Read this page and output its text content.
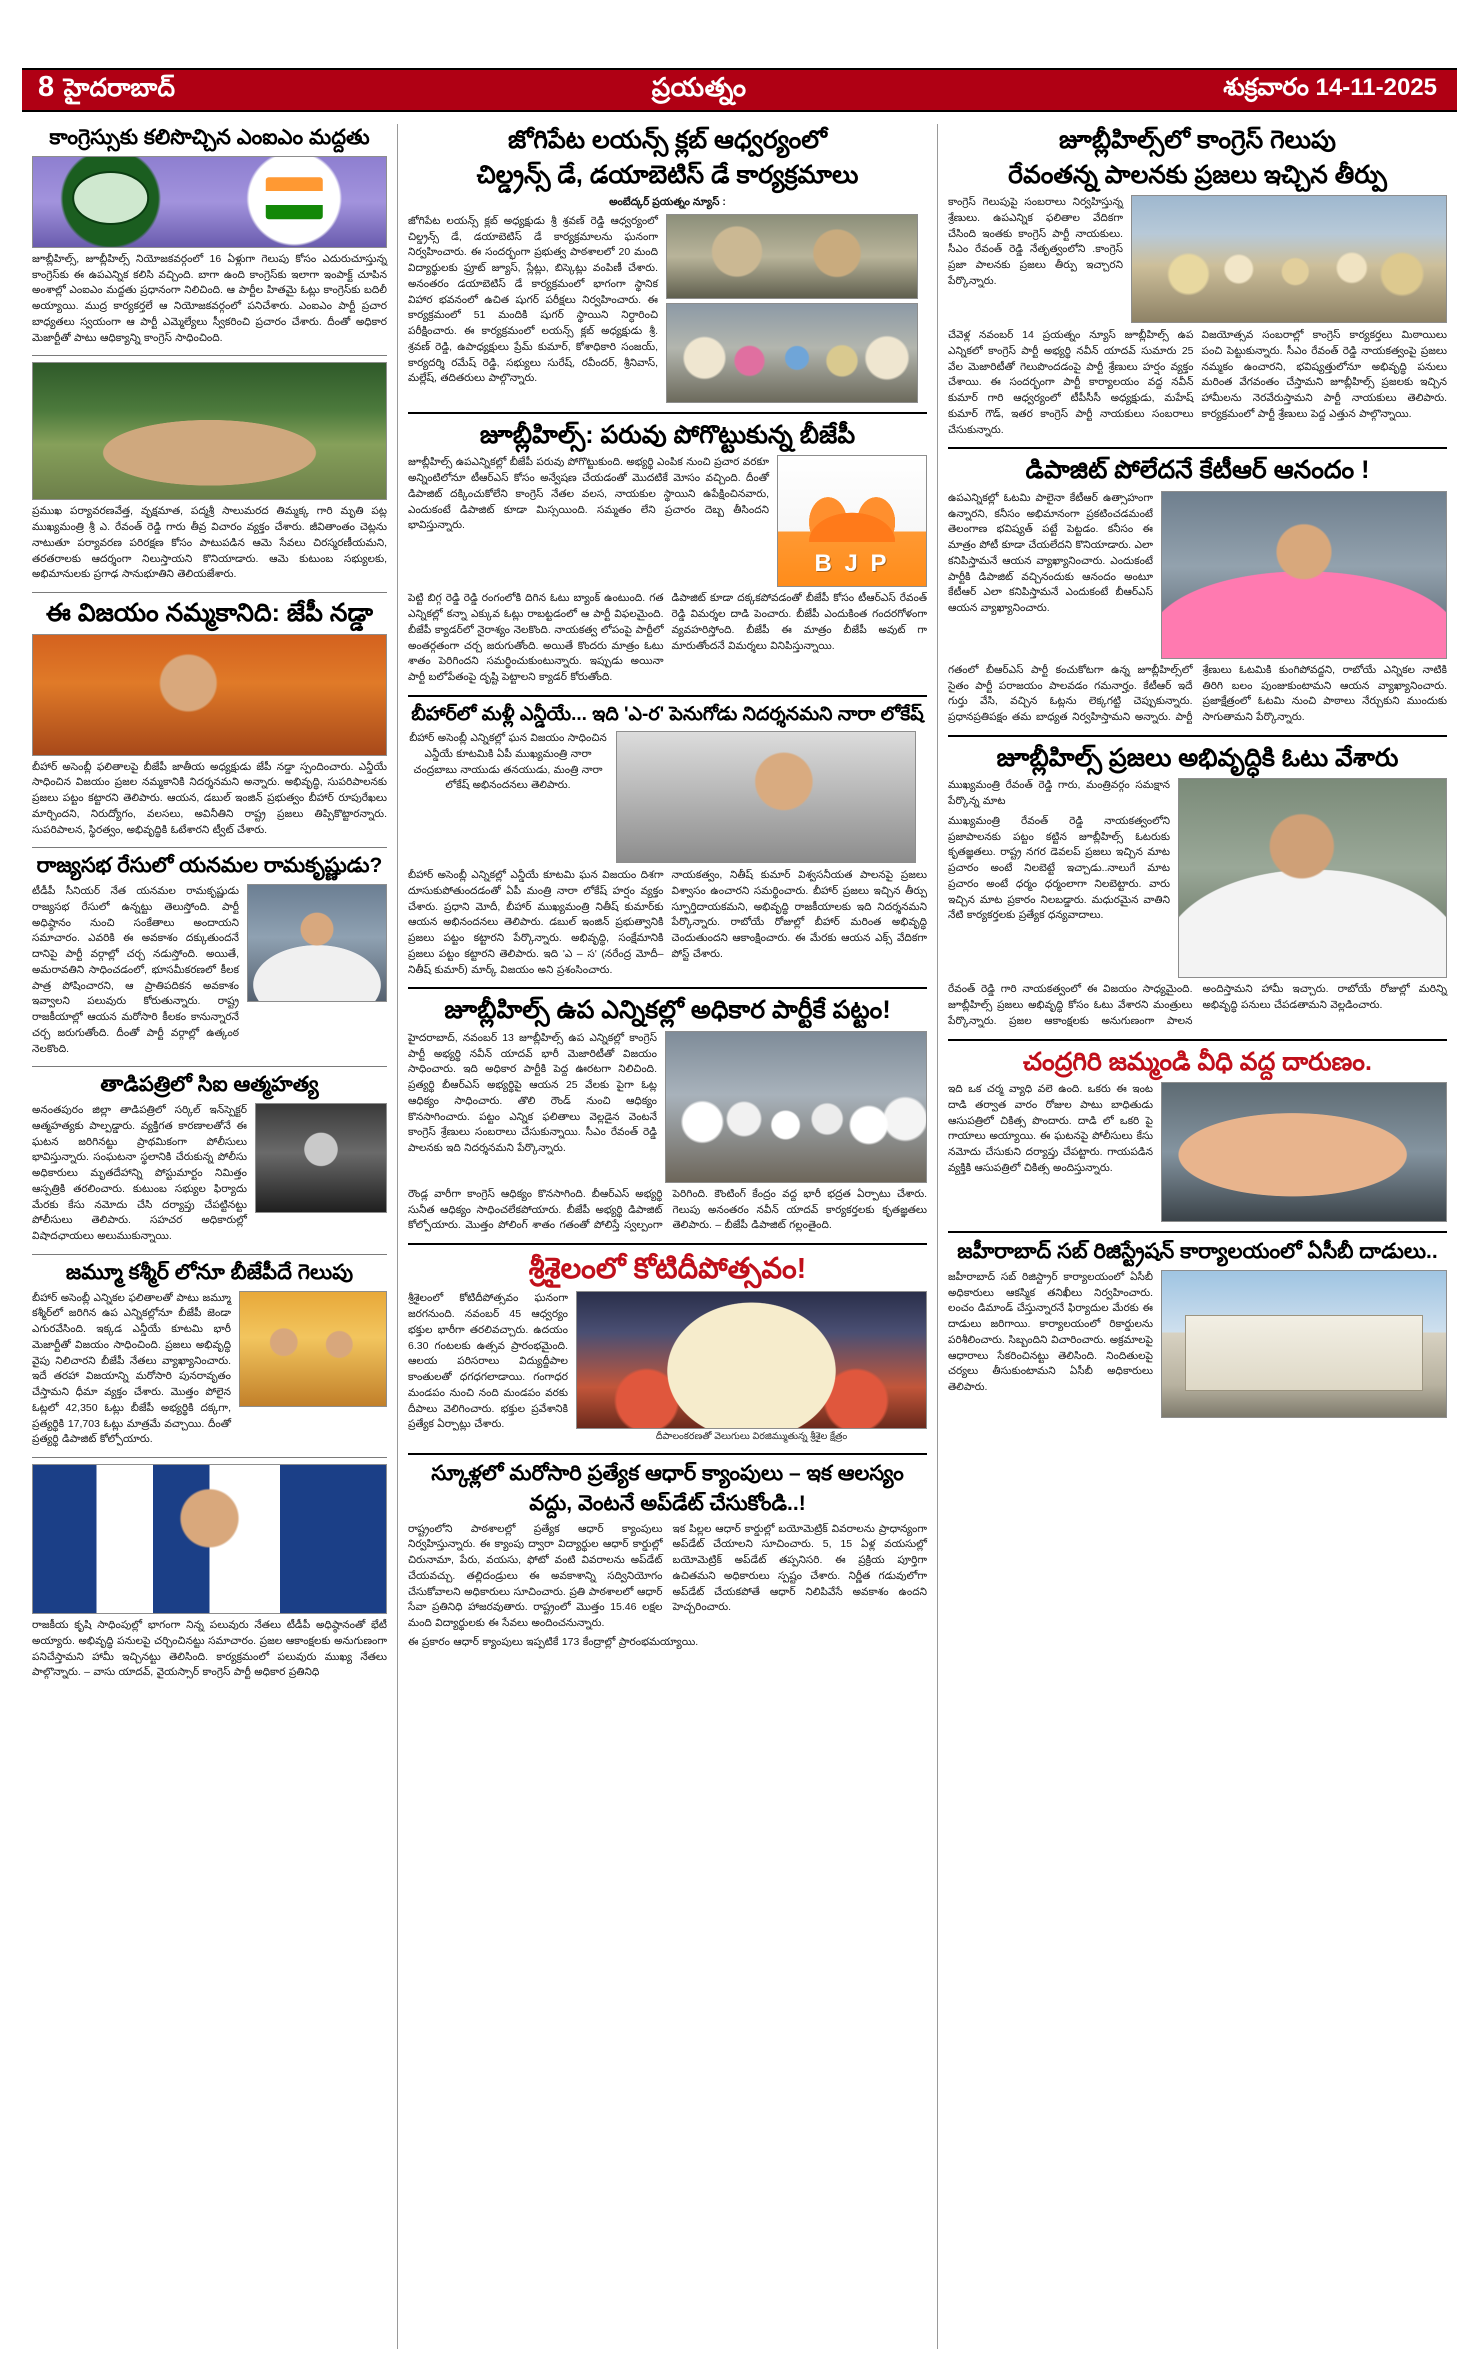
8 హైదరాబాద్	ప్రయత్నం	శుక్రవారం 14-11-2025
కాంగ్రెస్సుకు కలిసొచ్చిన ఎంఐఎం మద్దతు
జూబ్లీహిల్స్, జూబ్లీహిల్స్ నియోజకవర్గంలో 16 ఏళ్లుగా గెలుపు కోసం ఎదురుచూస్తున్న కాంగ్రెస్‌కు ఈ ఉపఎన్నిక కలిసి వచ్చింది. బాగా ఉంది కాంగ్రెస్‌కు ఇలాగా ఇంపాక్ట్ చూపిన అంశాల్లో ఎంఐఎం మద్దతు ప్రధానంగా నిలిచింది. ఆ పార్టీల హితమై ఓట్లు కాంగ్రెస్‌కు బదిలీ అయ్యాయి. ముద్ర కార్యకర్తలే ఆ నియోజకవర్గంలో పనిచేశారు. ఎంఐఎం పార్టీ ప్రచార బాధ్యతలు స్వయంగా ఆ పార్టీ ఎమ్మెల్యేలు స్వీకరించి ప్రచారం చేశారు. దీంతో అధికార మెజార్టీతో పాటు ఆధిక్యాన్ని కాంగ్రెస్ సాధించింది.
ప్రముఖ పర్యావరణవేత్త, వృక్షమాత, పద్మశ్రీ సాలుమరద తిమ్మక్క గారి మృతి పట్ల ముఖ్యమంత్రి శ్రీ ఎ. రేవంత్ రెడ్డి గారు తీవ్ర విచారం వ్యక్తం చేశారు. జీవితాంతం చెట్లను నాటుతూ పర్యావరణ పరిరక్షణ కోసం పాటుపడిన ఆమె సేవలు చిరస్మరణీయమని, తరతరాలకు ఆదర్శంగా నిలుస్తాయని కొనియాడారు. ఆమె కుటుంబ సభ్యులకు, అభిమానులకు ప్రగాఢ సానుభూతిని తెలియజేశారు.
ఈ విజయం నమ్మకానిది: జేపీ నడ్డా
బీహార్ అసెంబ్లీ ఫలితాలపై బీజేపీ జాతీయ అధ్యక్షుడు జేపీ నడ్డా స్పందించారు. ఎన్డీయే సాధించిన విజయం ప్రజల నమ్మకానికి నిదర్శనమని అన్నారు. అభివృద్ధి, సుపరిపాలనకు ప్రజలు పట్టం కట్టారని తెలిపారు. ఆయన, డబుల్ ఇంజిన్ ప్రభుత్వం బీహార్ రూపురేఖలు మార్చిందని, నిరుద్యోగం, వలసలు, అవినీతిని రాష్ట్ర ప్రజలు తిప్పికొట్టారన్నారు. సుపరిపాలన, స్థిరత్వం, అభివృద్ధికి ఓటేశారని ట్వీట్ చేశారు.
రాజ్యసభ రేసులో యనమల రామకృష్ణుడు?
టీడీపీ సీనియర్ నేత యనమల రామకృష్ణుడు రాజ్యసభ రేసులో ఉన్నట్టు తెలుస్తోంది. పార్టీ అధిష్ఠానం నుంచి సంకేతాలు అందాయని సమాచారం. ఎవరికి ఈ అవకాశం దక్కుతుందనే దానిపై పార్టీ వర్గాల్లో చర్చ నడుస్తోంది. అయితే, అమరావతిని సాధించడంలో, భూసమీకరణలో కీలక పాత్ర పోషించారని, ఆ ప్రాతిపదికన అవకాశం ఇవ్వాలని పలువురు కోరుతున్నారు. రాష్ట్ర రాజకీయాల్లో ఆయన మరోసారి కీలకం కానున్నారనే చర్చ జరుగుతోంది. దీంతో పార్టీ వర్గాల్లో ఉత్కంఠ నెలకొంది.
తాడిపత్రిలో సిఐ ఆత్మహత్య
అనంతపురం జిల్లా తాడిపత్రిలో సర్కిల్ ఇన్‌స్పెక్టర్ ఆత్మహత్యకు పాల్పడ్డారు. వ్యక్తిగత కారణాలతోనే ఈ ఘటన జరిగినట్టు ప్రాథమికంగా పోలీసులు భావిస్తున్నారు. సంఘటనా స్థలానికి చేరుకున్న పోలీసు అధికారులు మృతదేహాన్ని పోస్టుమార్టం నిమిత్తం ఆస్పత్రికి తరలించారు. కుటుంబ సభ్యుల ఫిర్యాదు మేరకు కేసు నమోదు చేసి దర్యాప్తు చేపట్టినట్టు పోలీసులు తెలిపారు. సహచర అధికారుల్లో విషాదఛాయలు అలుముకున్నాయి.
జమ్మూ కశ్మీర్ లోనూ బీజేపీదే గెలుపు
బీహార్ అసెంబ్లీ ఎన్నికల ఫలితాలతో పాటు జమ్మూ కశ్మీర్‌లో జరిగిన ఉప ఎన్నికల్లోనూ బీజేపీ జెండా ఎగురవేసింది. ఇక్కడ ఎన్డీయే కూటమి భారీ మెజార్టీతో విజయం సాధించింది. ప్రజలు అభివృద్ధి వైపు నిలిచారని బీజేపీ నేతలు వ్యాఖ్యానించారు. ఇదే తరహా విజయాన్ని మరోసారి పునరావృతం చేస్తామని ధీమా వ్యక్తం చేశారు. మొత్తం పోలైన ఓట్లలో 42,350 ఓట్లు బీజేపీ అభ్యర్థికి దక్కగా, ప్రత్యర్థికి 17,703 ఓట్లు మాత్రమే వచ్చాయి. దీంతో ప్రత్యర్థి డిపాజిట్ కోల్పోయారు.
రాజకీయ కృషి సాధింపుల్లో భాగంగా నిన్న పలువురు నేతలు టీడీపీ అధిష్ఠానంతో భేటీ అయ్యారు. అభివృద్ధి పనులపై చర్చించినట్టు సమాచారం. ప్రజల ఆకాంక్షలకు అనుగుణంగా పనిచేస్తామని హామీ ఇచ్చినట్టు తెలిసింది. కార్యక్రమంలో పలువురు ముఖ్య నేతలు పాల్గొన్నారు. – వాసు యాదవ్, వైయస్సార్ కాంగ్రెస్ పార్టీ అధికార ప్రతినిధి
జోగిపేట లయన్స్ క్లబ్ ఆధ్వర్యంలో
చిల్డ్రన్స్ డే, డయాబెటిస్ డే కార్యక్రమాలు
అంబేద్కర్ ప్రయత్నం న్యూస్ :
జోగిపేట లయన్స్ క్లబ్ అధ్యక్షుడు శ్రీ శ్రవణ్ రెడ్డి ఆధ్వర్యంలో చిల్డ్రన్స్ డే, డయాబెటిస్ డే కార్యక్రమాలను ఘనంగా నిర్వహించారు. ఈ సందర్భంగా ప్రభుత్వ పాఠశాలలో 20 మంది విద్యార్థులకు ఫ్రూట్ జ్యూస్, స్లేట్లు, బిస్కెట్లు వంపిణీ చేశారు. అనంతరం డయాబెటిస్ డే కార్యక్రమంలో భాగంగా స్థానిక విహార భవనంలో ఉచిత షుగర్ పరీక్షలు నిర్వహించారు. ఈ కార్యక్రమంలో 51 మందికి షుగర్ స్థాయిని నిర్ధారించి పరీక్షించారు. ఈ కార్యక్రమంలో లయన్స్ క్లబ్ అధ్యక్షుడు శ్రీ. శ్రవణ్ రెడ్డి, ఉపాధ్యక్షులు ప్రేమ్ కుమార్, కోశాధికారి సంజయ్, కార్యదర్శి రమేష్ రెడ్డి, సభ్యులు సురేష్, రవీందర్, శ్రీనివాస్, మల్లేష్, తదితరులు పాల్గొన్నారు.
జూబ్లీహిల్స్: పరువు పోగొట్టుకున్న బీజేపీ
జూబ్లీహిల్స్ ఉపఎన్నికల్లో బీజేపీ పరువు పోగొట్టుకుంది. అభ్యర్థి ఎంపిక నుంచి ప్రచార వరకూ అన్నింటిలోనూ టీఆర్ఎస్ కోసం అన్వేషణ చేయడంతో మొదటికే మోసం వచ్చింది. దీంతో డిపాజిట్ దక్కించుకోలేని కాంగ్రెస్ నేతల వలస, నాయకుల స్థాయిని ఉపేక్షించినవారు, ఎందుకంటే డిపాజిట్ కూడా మిస్సయింది. సమ్మతం లేని ప్రచారం దెబ్బ తీసిందని భావిస్తున్నారు.
B J P
పెట్టి బిగ్గ రెడ్డి రెడ్డి రంగంలోకి దిగిన ఓటు బ్యాంక్ ఉంటుంది. గత ఎన్నికల్లో కన్నా ఎక్కువ ఓట్లు రాబట్టడంలో ఆ పార్టీ విఫలమైంది. బీజేపీ క్యాడర్‌లో నైరాశ్యం నెలకొంది. నాయకత్వ లోపంపై పార్టీలో అంతర్గతంగా చర్చ జరుగుతోంది. అయితే కొందరు మాత్రం ఓటు శాతం పెరిగిందని సమర్థించుకుంటున్నారు. ఇప్పుడు అయినా పార్టీ బలోపేతంపై దృష్టి పెట్టాలని క్యాడర్ కోరుతోంది.
డిపాజిట్ కూడా దక్కకపోవడంతో బీజేపీ కోసం టీఆర్ఎస్ రేవంత్ రెడ్డి విమర్శల దాడి పెంచారు. బీజేపీ ఎందుకింత గందరగోళంగా వ్యవహరిస్తోంది. బీజేపీ ఈ మాత్రం బీజేపీ అవుట్ గా మారుతోందనే విమర్శలు వినిపిస్తున్నాయి.
బీహార్‌లో మళ్లీ ఎన్డీయే... ఇది 'ఎ-ర' పెనుగోడు నిదర్శనమని నారా లోకేష్
బీహార్ అసెంబ్లీ ఎన్నికల్లో ఘన విజయం సాధించిన ఎన్డీయే కూటమికి ఏపీ ముఖ్యమంత్రి నారా చంద్రబాబు నాయుడు తనయుడు, మంత్రి నారా లోకేష్ అభినందనలు తెలిపారు.
బీహార్ అసెంబ్లీ ఎన్నికల్లో ఎన్డీయే కూటమి ఘన విజయం దిశగా దూసుకుపోతుందడంతో ఏపీ మంత్రి నారా లోకేష్ హర్షం వ్యక్తం చేశారు. ప్రధాని మోదీ, బీహార్ ముఖ్యమంత్రి నితీష్ కుమార్‌కు ఆయన అభినందనలు తెలిపారు. డబుల్ ఇంజిన్ ప్రభుత్వానికి ప్రజలు పట్టం కట్టారని పేర్కొన్నారు. అభివృద్ధి, సంక్షేమానికి ప్రజలు పట్టం కట్టారని తెలిపారు. ఇది 'ఎ – స' (నరేంద్ర మోదీ–నితీష్ కుమార్) మార్క్ విజయం అని ప్రశంసించారు.
నాయకత్వం, నితీష్ కుమార్ విశ్వసనీయత పాలనపై ప్రజలు విశ్వాసం ఉంచారని సమర్థించారు. బీహార్ ప్రజలు ఇచ్చిన తీర్పు స్ఫూర్తిదాయకమని, అభివృద్ధి రాజకీయాలకు ఇది నిదర్శనమని పేర్కొన్నారు. రాబోయే రోజుల్లో బీహార్ మరింత అభివృద్ధి చెందుతుందని ఆకాంక్షించారు. ఈ మేరకు ఆయన ఎక్స్ వేదికగా పోస్ట్ చేశారు.
జూబ్లీహిల్స్ ఉప ఎన్నికల్లో అధికార పార్టీకే పట్టం!
హైదరాబాద్, నవంబర్ 13 జూబ్లీహిల్స్ ఉప ఎన్నికల్లో కాంగ్రెస్ పార్టీ అభ్యర్థి నవీన్ యాదవ్ భారీ మెజారిటీతో విజయం సాధించారు. ఇది అధికార పార్టీకి పెద్ద ఊరటగా నిలిచింది. ప్రత్యర్థి బీఆర్ఎస్ అభ్యర్థిపై ఆయన 25 వేలకు పైగా ఓట్ల ఆధిక్యం సాధించారు. తొలి రౌండ్ నుంచి ఆధిక్యం కొనసాగించారు. పట్టం ఎన్నిక ఫలితాలు వెల్లడైన వెంటనే కాంగ్రెస్ శ్రేణులు సంబరాలు చేసుకున్నాయి. సీఎం రేవంత్ రెడ్డి పాలనకు ఇది నిదర్శనమని పేర్కొన్నారు.
రౌండ్ల వారీగా కాంగ్రెస్ ఆధిక్యం కొనసాగింది. బీఆర్ఎస్ అభ్యర్థి సునీత ఆధిక్యం సాధించలేకపోయారు. బీజేపీ అభ్యర్థి డిపాజిట్ కోల్పోయారు. మొత్తం పోలింగ్ శాతం గతంతో పోలిస్తే స్వల్పంగా పెరిగింది. కౌంటింగ్ కేంద్రం వద్ద భారీ భద్రత ఏర్పాటు చేశారు. గెలుపు అనంతరం నవీన్ యాదవ్ కార్యకర్తలకు కృతజ్ఞతలు తెలిపారు. – బీజేపీ డిపాజిట్ గల్లంతైంది.
శ్రీశైలంలో కోటిదీపోత్సవం!
శ్రీశైలంలో కోటిదీపోత్సవం ఘనంగా జరగనుంది. నవంబర్ 45 ఆధ్వర్యం భక్తుల భారీగా తరలివచ్చారు. ఉదయం 6.30 గంటలకు ఉత్సవ ప్రారంభమైంది. ఆలయ పరిసరాలు విద్యుద్దీపాల కాంతులతో ధగధగలాడాయి. గంగాధర మండపం నుంచి నంది మండపం వరకు దీపాలు వెలిగించారు. భక్తుల ప్రవేశానికి ప్రత్యేక ఏర్పాట్లు చేశారు.
దీపాలంకరణతో వెలుగులు విరజిమ్ముతున్న శ్రీశైల క్షేత్రం
స్కూళ్లలో మరోసారి ప్రత్యేక ఆధార్ క్యాంపులు – ఇక ఆలస్యం
వద్దు, వెంటనే అప్‌డేట్ చేసుకోండి..!
రాష్ట్రంలోని పాఠశాలల్లో ప్రత్యేక ఆధార్ క్యాంపులు నిర్వహిస్తున్నారు. ఈ క్యాంపు ద్వారా విద్యార్థుల ఆధార్ కార్డుల్లో చిరునామా, పేరు, వయసు, ఫోటో వంటి వివరాలను అప్‌డేట్ చేయవచ్చు. తల్లిదండ్రులు ఈ అవకాశాన్ని సద్వినియోగం చేసుకోవాలని అధికారులు సూచించారు. ప్రతి పాఠశాలలో ఆధార్ సేవా ప్రతినిధి హాజరవుతారు. రాష్ట్రంలో మొత్తం 15.46 లక్షల మంది విద్యార్థులకు ఈ సేవలు అందించనున్నారు.
ఇక పిల్లల ఆధార్ కార్డుల్లో బయోమెట్రిక్ వివరాలను ప్రాధాన్యంగా అప్‌డేట్ చేయాలని సూచించారు. 5, 15 ఏళ్ల వయసుల్లో బయోమెట్రిక్ అప్‌డేట్ తప్పనిసరి. ఈ ప్రక్రియ పూర్తిగా ఉచితమని అధికారులు స్పష్టం చేశారు. నిర్ణీత గడువులోగా అప్‌డేట్ చేయకపోతే ఆధార్ నిలిపివేసే అవకాశం ఉందని హెచ్చరించారు.
ఈ ప్రకారం ఆధార్ క్యాంపులు ఇప్పటికే 173 కేంద్రాల్లో ప్రారంభమయ్యాయి.
జూబ్లీహిల్స్‌లో కాంగ్రెస్ గెలుపు
రేవంతన్న పాలనకు ప్రజలు ఇచ్చిన తీర్పు
కాంగ్రెస్ గెలుపుపై సంబరాలు నిర్వహిస్తున్న శ్రేణులు. ఉపఎన్నిక ఫలితాల వేదికగా చేసింది ఇంతకు కాంగ్రెస్ పార్టీ నాయకులు. సీఎం రేవంత్ రెడ్డి నేతృత్వంలోని .కాంగ్రెస్ ప్రజా పాలనకు ప్రజలు తీర్పు ఇచ్చారని పేర్కొన్నారు.
చేవెళ్ల నవంబర్ 14 ప్రయత్నం న్యూస్ జూబ్లీహిల్స్ ఉప ఎన్నికలో కాంగ్రెస్ పార్టీ అభ్యర్థి నవీన్ యాదవ్ సుమారు 25 వేల మెజారిటీతో గెలుపొందడంపై పార్టీ శ్రేణులు హర్షం వ్యక్తం చేశాయి. ఈ సందర్భంగా పార్టీ కార్యాలయం వద్ద నవీన్ కుమార్ గారి ఆధ్వర్యంలో టీపీసీసీ అధ్యక్షుడు, మహేష్ కుమార్ గౌడ్, ఇతర కాంగ్రెస్ పార్టీ నాయకులు సంబరాలు చేసుకున్నారు.
విజయోత్సవ సంబరాల్లో కాంగ్రెస్ కార్యకర్తలు మిఠాయిలు పంచి పెట్టుకున్నారు. సీఎం రేవంత్ రెడ్డి నాయకత్వంపై ప్రజలు నమ్మకం ఉంచారని, భవిష్యత్తులోనూ అభివృద్ధి పనులు మరింత వేగవంతం చేస్తామని జూబ్లీహిల్స్ ప్రజలకు ఇచ్చిన హామీలను నెరవేరుస్తామని పార్టీ నాయకులు తెలిపారు. కార్యక్రమంలో పార్టీ శ్రేణులు పెద్ద ఎత్తున పాల్గొన్నాయి.
డిపాజిట్ పోలేదనే కేటీఆర్ ఆనందం !
ఉపఎన్నికల్లో ఓటమి పాలైనా కేటీఆర్ ఉత్సాహంగా ఉన్నారని, కనీసం అభిమానంగా ప్రకటించడమంటే తెలంగాణ భవిష్యత్ పట్టే పెట్టడం. కనీసం ఈ మాత్రం పోటీ కూడా చేయలేదని కొనియాడారు. ఎలా కనిపిస్తామనే ఆయన వ్యాఖ్యానించారు. ఎందుకంటే పార్టీకి డిపాజిట్ వచ్చినందుకు ఆనందం అంటూ కేటీఆర్ ఎలా కనిపిస్తామనే ఎందుకంటే బీఆర్ఎస్ ఆయన వ్యాఖ్యానించారు.
గతంలో బీఆర్ఎస్ పార్టీ కంచుకోటగా ఉన్న జూబ్లీహిల్స్‌లో సైతం పార్టీ పరాజయం పాలవడం గమనార్హం. కేటీఆర్ ఇదే గుర్తు వేసి, వచ్చిన ఓట్లను లెక్కగట్టి చెప్పుకున్నారు. ప్రధానప్రతిపక్షం తమ బాధ్యత నిర్వహిస్తామని అన్నారు. పార్టీ శ్రేణులు ఓటమికి కుంగిపోవద్దని, రాబోయే ఎన్నికల నాటికి తిరిగి బలం పుంజుకుంటామని ఆయన వ్యాఖ్యానించారు. ప్రజాక్షేత్రంలో ఓటమి నుంచి పాఠాలు నేర్చుకుని ముందుకు సాగుతామని పేర్కొన్నారు.
జూబ్లీహిల్స్ ప్రజలు అభివృద్ధికి ఓటు వేశారు
ముఖ్యమంత్రి రేవంత్ రెడ్డి గారు, మంత్రివర్గం సమక్షాన పేర్కొన్న మాట
ముఖ్యమంత్రి రేవంత్ రెడ్డి నాయకత్వంలోని ప్రజాపాలనకు పట్టం కట్టిన జూబ్లీహిల్స్ ఓటరుకు కృతజ్ఞతలు. రాష్ట్ర నగర డెవలప్ ప్రజలు ఇచ్చిన మాట ప్రచారం అంటే నిలబెట్టే ఇచ్చాడు..నాలుగే మాట ప్రచారం అంటే ధర్మం ధర్మంలాగా నిలబెట్టారు. వారు ఇచ్చిన మాట ప్రకారం నిలబడ్డారు. మధురమైన వాతిని నేటి కార్యకర్తలకు ప్రత్యేక ధన్యవాదాలు.
రేవంత్ రెడ్డి గారి నాయకత్వంలో ఈ విజయం సాధ్యమైంది. జూబ్లీహిల్స్ ప్రజలు అభివృద్ధి కోసం ఓటు వేశారని మంత్రులు పేర్కొన్నారు. ప్రజల ఆకాంక్షలకు అనుగుణంగా పాలన అందిస్తామని హామీ ఇచ్చారు. రాబోయే రోజుల్లో మరిన్ని అభివృద్ధి పనులు చేపడతామని వెల్లడించారు.
చంద్రగిరి జమ్మండి వీధి వద్ద దారుణం.
ఇది ఒక చర్మ వ్యాధి వలె ఉంది. ఒకరు ఈ ఇంట దాడి తర్వాత వారం రోజుల పాటు బాధితుడు ఆసుపత్రిలో చికిత్స పొందారు. దాడి లో ఒకరి పై గాయాలు అయ్యాయి. ఈ ఘటనపై పోలీసులు కేసు నమోదు చేసుకుని దర్యాప్తు చేపట్టారు. గాయపడిన వ్యక్తికి ఆసుపత్రిలో చికిత్స అందిస్తున్నారు.
జహీరాబాద్ సబ్ రిజిస్ట్రేషన్ కార్యాలయంలో ఏసీబీ దాడులు..
జహీరాబాద్ సబ్ రిజిస్ట్రార్ కార్యాలయంలో ఏసీబీ అధికారులు ఆకస్మిక తనిఖీలు నిర్వహించారు. లంచం డిమాండ్ చేస్తున్నారనే ఫిర్యాదుల మేరకు ఈ దాడులు జరిగాయి. కార్యాలయంలో రికార్డులను పరిశీలించారు. సిబ్బందిని విచారించారు. అక్రమాలపై ఆధారాలు సేకరించినట్టు తెలిసింది. నిందితులపై చర్యలు తీసుకుంటామని ఏసీబీ అధికారులు తెలిపారు.
